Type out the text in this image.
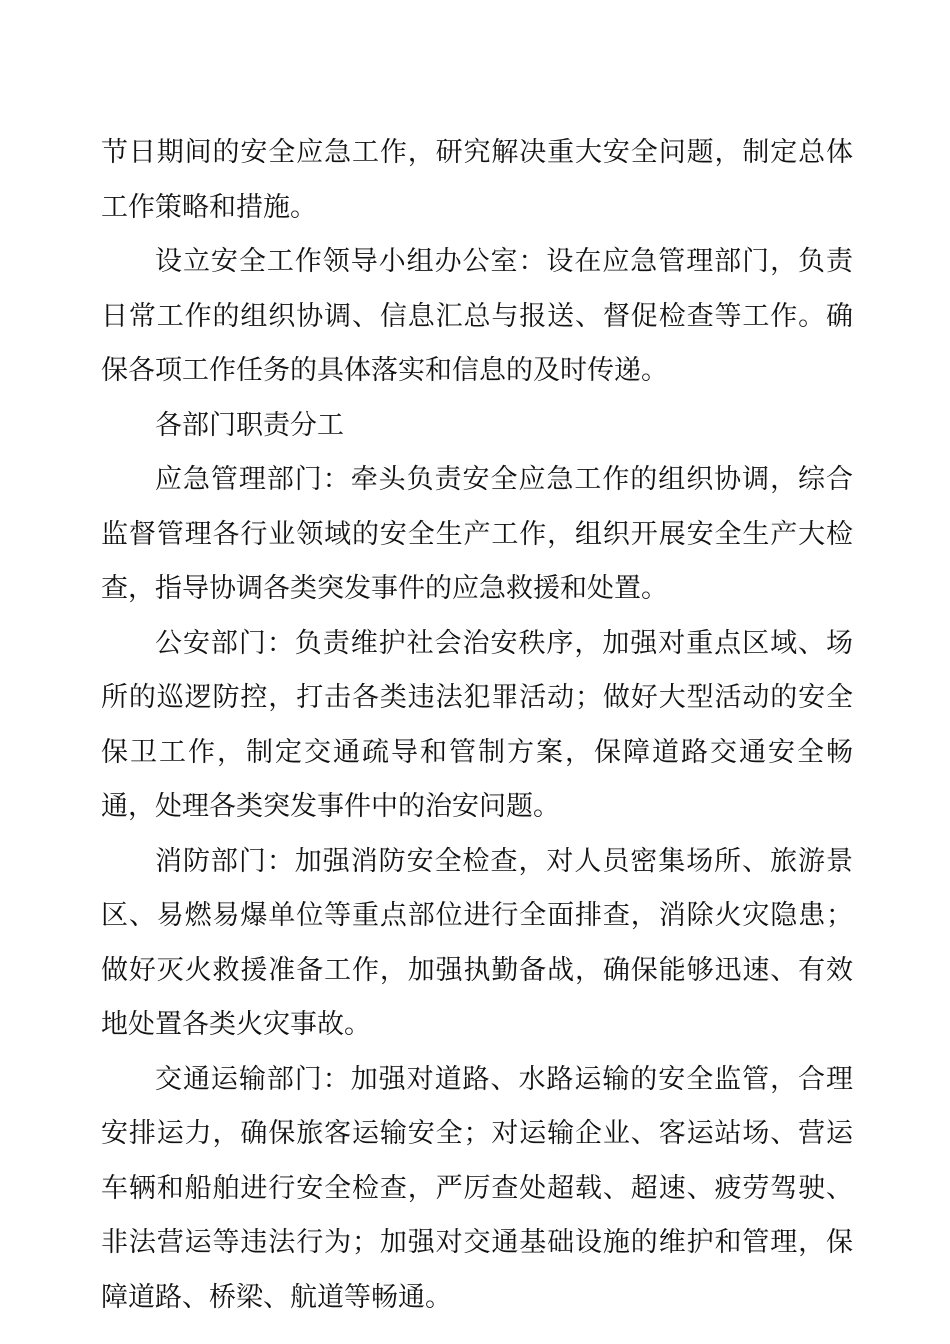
节日期间的安全应急工作，研究解决重大安全问题，制定总体工作策略和措施。

设立安全工作领导小组办公室：设在应急管理部门，负责日常工作的组织协调、信息汇总与报送、督促检查等工作。确保各项工作任务的具体落实和信息的及时传递。

各部门职责分工

应急管理部门：牵头负责安全应急工作的组织协调，综合监督管理各行业领域的安全生产工作，组织开展安全生产大检查，指导协调各类突发事件的应急救援和处置。

公安部门：负责维护社会治安秩序，加强对重点区域、场所的巡逻防控，打击各类违法犯罪活动；做好大型活动的安全保卫工作，制定交通疏导和管制方案，保障道路交通安全畅通，处理各类突发事件中的治安问题。

消防部门：加强消防安全检查，对人员密集场所、旅游景区、易燃易爆单位等重点部位进行全面排查，消除火灾隐患；做好灭火救援准备工作，加强执勤备战，确保能够迅速、有效地处置各类火灾事故。

交通运输部门：加强对道路、水路运输的安全监管，合理安排运力，确保旅客运输安全；对运输企业、客运站场、营运车辆和船舶进行安全检查，严厉查处超载、超速、疲劳驾驶、非法营运等违法行为；加强对交通基础设施的维护和管理，保障道路、桥梁、航道等畅通。
